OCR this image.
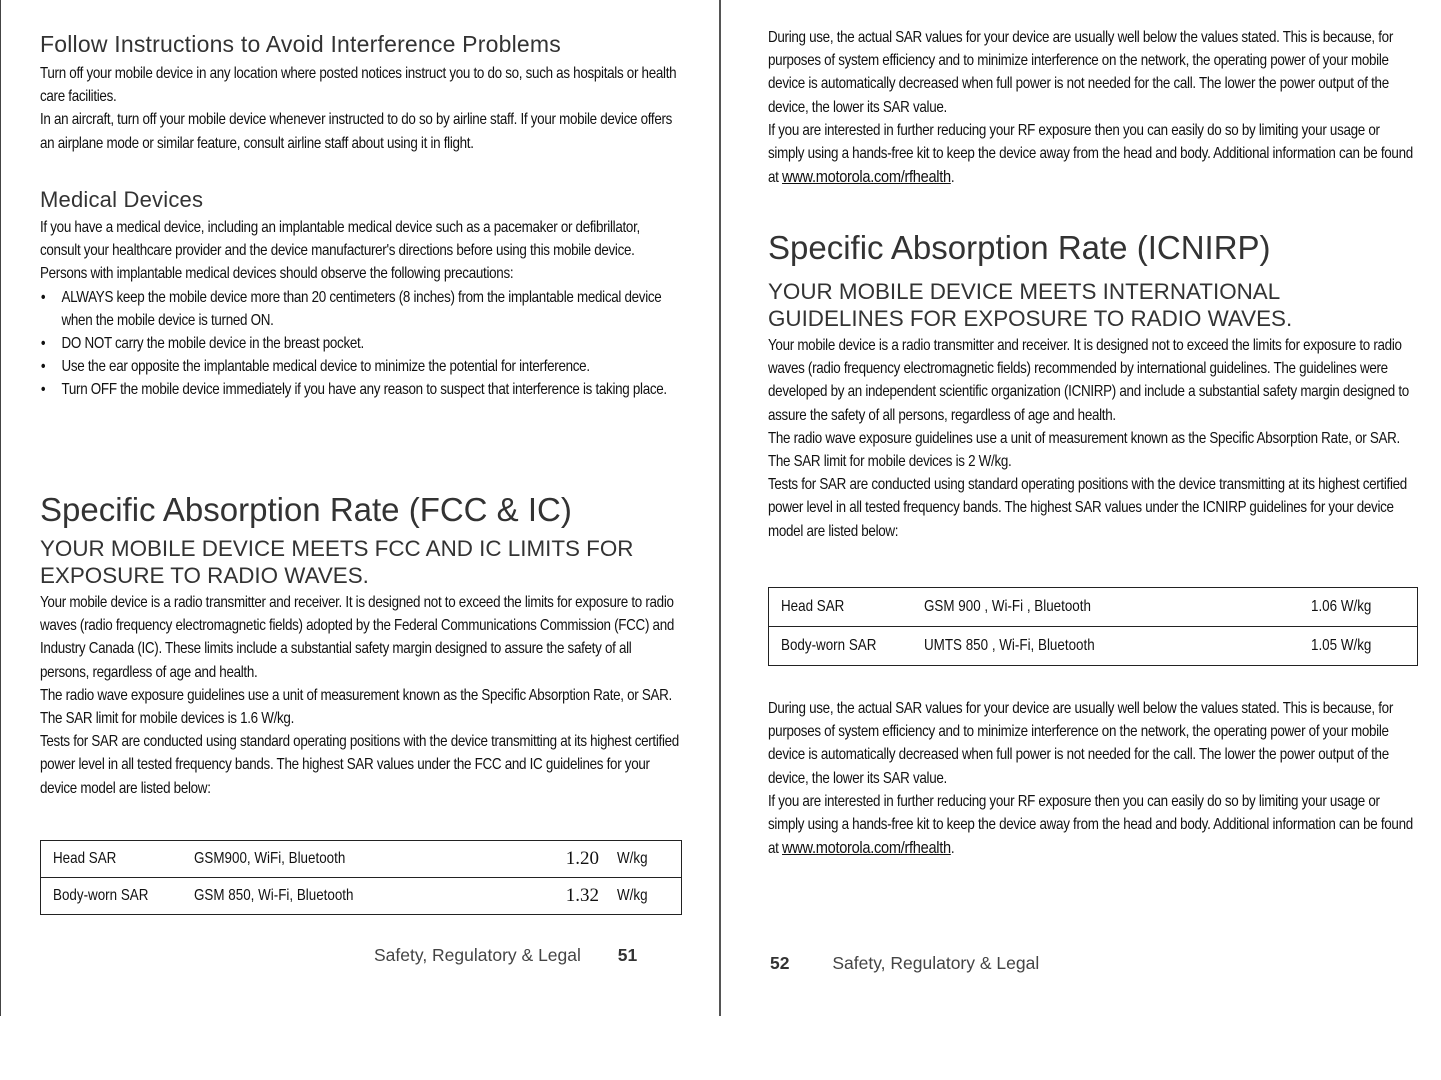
Follow Instructions to Avoid Interference Problems

Turn off your mobile device in any location where posted notices instruct you to do so, such as hospitals or health care facilities.

In an aircraft, turn off your mobile device whenever instructed to do so by airline staff. If your mobile device offers an airplane mode or similar feature, consult airline staff about using it in flight.

Medical Devices

If you have a medical device, including an implantable medical device such as a pacemaker or defibrillator, consult your healthcare provider and the device manufacturer's directions before using this mobile device.

Persons with implantable medical devices should observe the following precautions:

• ALWAYS keep the mobile device more than 20 centimeters (8 inches) from the implantable medical device when the mobile device is turned ON.
• DO NOT carry the mobile device in the breast pocket.
• Use the ear opposite the implantable medical device to minimize the potential for interference.
• Turn OFF the mobile device immediately if you have any reason to suspect that interference is taking place.
Specific Absorption Rate (FCC & IC)
YOUR MOBILE DEVICE MEETS FCC AND IC LIMITS FOR EXPOSURE TO RADIO WAVES.

Your mobile device is a radio transmitter and receiver. It is designed not to exceed the limits for exposure to radio waves (radio frequency electromagnetic fields) adopted by the Federal Communications Commission (FCC) and Industry Canada (IC). These limits include a substantial safety margin designed to assure the safety of all persons, regardless of age and health.

The radio wave exposure guidelines use a unit of measurement known as the Specific Absorption Rate, or SAR. The SAR limit for mobile devices is 1.6 W/kg.

Tests for SAR are conducted using standard operating positions with the device transmitting at its highest certified power level in all tested frequency bands. The highest SAR values under the FCC and IC guidelines for your device model are listed below:

Head SAR	GSM900, WiFi, Bluetooth	1.20	W/kg
Body-worn SAR	GSM 850, Wi-Fi, Bluetooth	1.32	W/kg
Safety, Regulatory & Legal 51

During use, the actual SAR values for your device are usually well below the values stated. This is because, for purposes of system efficiency and to minimize interference on the network, the operating power of your mobile device is automatically decreased when full power is not needed for the call. The lower the power output of the device, the lower its SAR value.

If you are interested in further reducing your RF exposure then you can easily do so by limiting your usage or simply using a hands-free kit to keep the device away from the head and body. Additional information can be found at www.motorola.com/rfhealth.

Specific Absorption Rate (ICNIRP)
YOUR MOBILE DEVICE MEETS INTERNATIONAL GUIDELINES FOR EXPOSURE TO RADIO WAVES.

Your mobile device is a radio transmitter and receiver. It is designed not to exceed the limits for exposure to radio waves (radio frequency electromagnetic fields) recommended by international guidelines. The guidelines were developed by an independent scientific organization (ICNIRP) and include a substantial safety margin designed to assure the safety of all persons, regardless of age and health.

The radio wave exposure guidelines use a unit of measurement known as the Specific Absorption Rate, or SAR. The SAR limit for mobile devices is 2 W/kg.

Tests for SAR are conducted using standard operating positions with the device transmitting at its highest certified power level in all tested frequency bands. The highest SAR values under the ICNIRP guidelines for your device model are listed below:

Head SAR	GSM 900 , Wi-Fi , Bluetooth	1.06 W/kg
Body-worn SAR	UMTS 850 , Wi-Fi, Bluetooth	1.05 W/kg

During use, the actual SAR values for your device are usually well below the values stated. This is because, for purposes of system efficiency and to minimize interference on the network, the operating power of your mobile device is automatically decreased when full power is not needed for the call. The lower the power output of the device, the lower its SAR value.

If you are interested in further reducing your RF exposure then you can easily do so by limiting your usage or simply using a hands-free kit to keep the device away from the head and body. Additional information can be found at www.motorola.com/rfhealth.

52 Safety, Regulatory & Legal
